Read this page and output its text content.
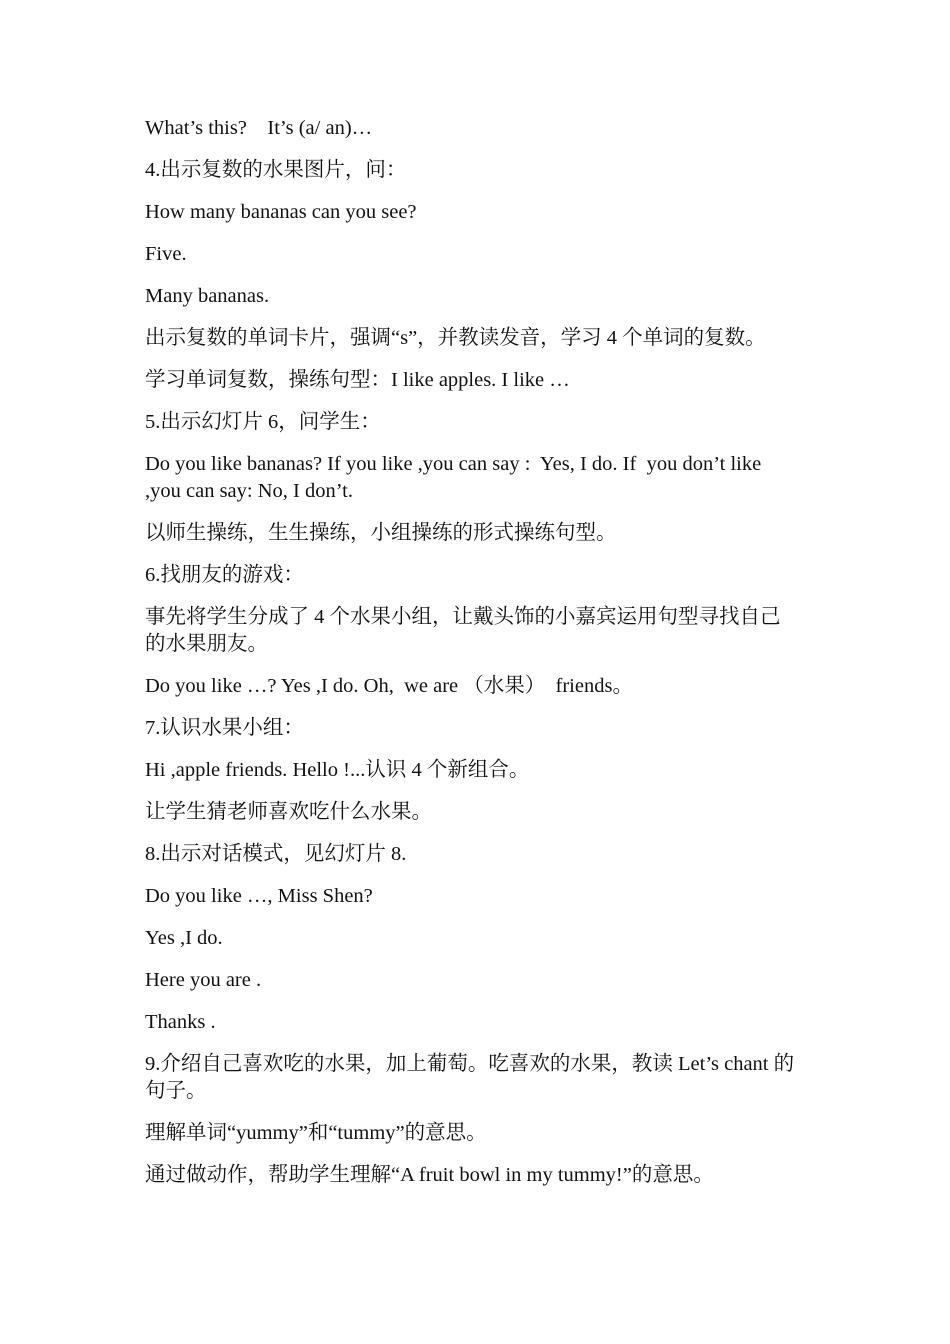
What’s this?    It’s (a/ an)…

4.出示复数的水果图片，问：

How many bananas can you see?

Five.

Many bananas.

出示复数的单词卡片，强调“s”，并教读发音，学习 4 个单词的复数。

学习单词复数，操练句型：I like apples. I like …

5.出示幻灯片 6，问学生：

Do you like bananas? If you like ,you can say :  Yes, I do. If  you don’t like ,you can say: No, I don’t.

以师生操练，生生操练，小组操练的形式操练句型。

6.找朋友的游戏：

事先将学生分成了 4 个水果小组，让戴头饰的小嘉宾运用句型寻找自己的水果朋友。

Do you like …? Yes ,I do. Oh,  we are （水果）  friends。

7.认识水果小组：

Hi ,apple friends. Hello !...认识 4 个新组合。

让学生猜老师喜欢吃什么水果。

8.出示对话模式，见幻灯片 8.

Do you like …, Miss Shen?

Yes ,I do.

Here you are .

Thanks .

9.介绍自己喜欢吃的水果，加上葡萄。吃喜欢的水果，教读 Let’s chant 的句子。

理解单词“yummy”和“tummy”的意思。

通过做动作，帮助学生理解“A fruit bowl in my tummy!”的意思。
